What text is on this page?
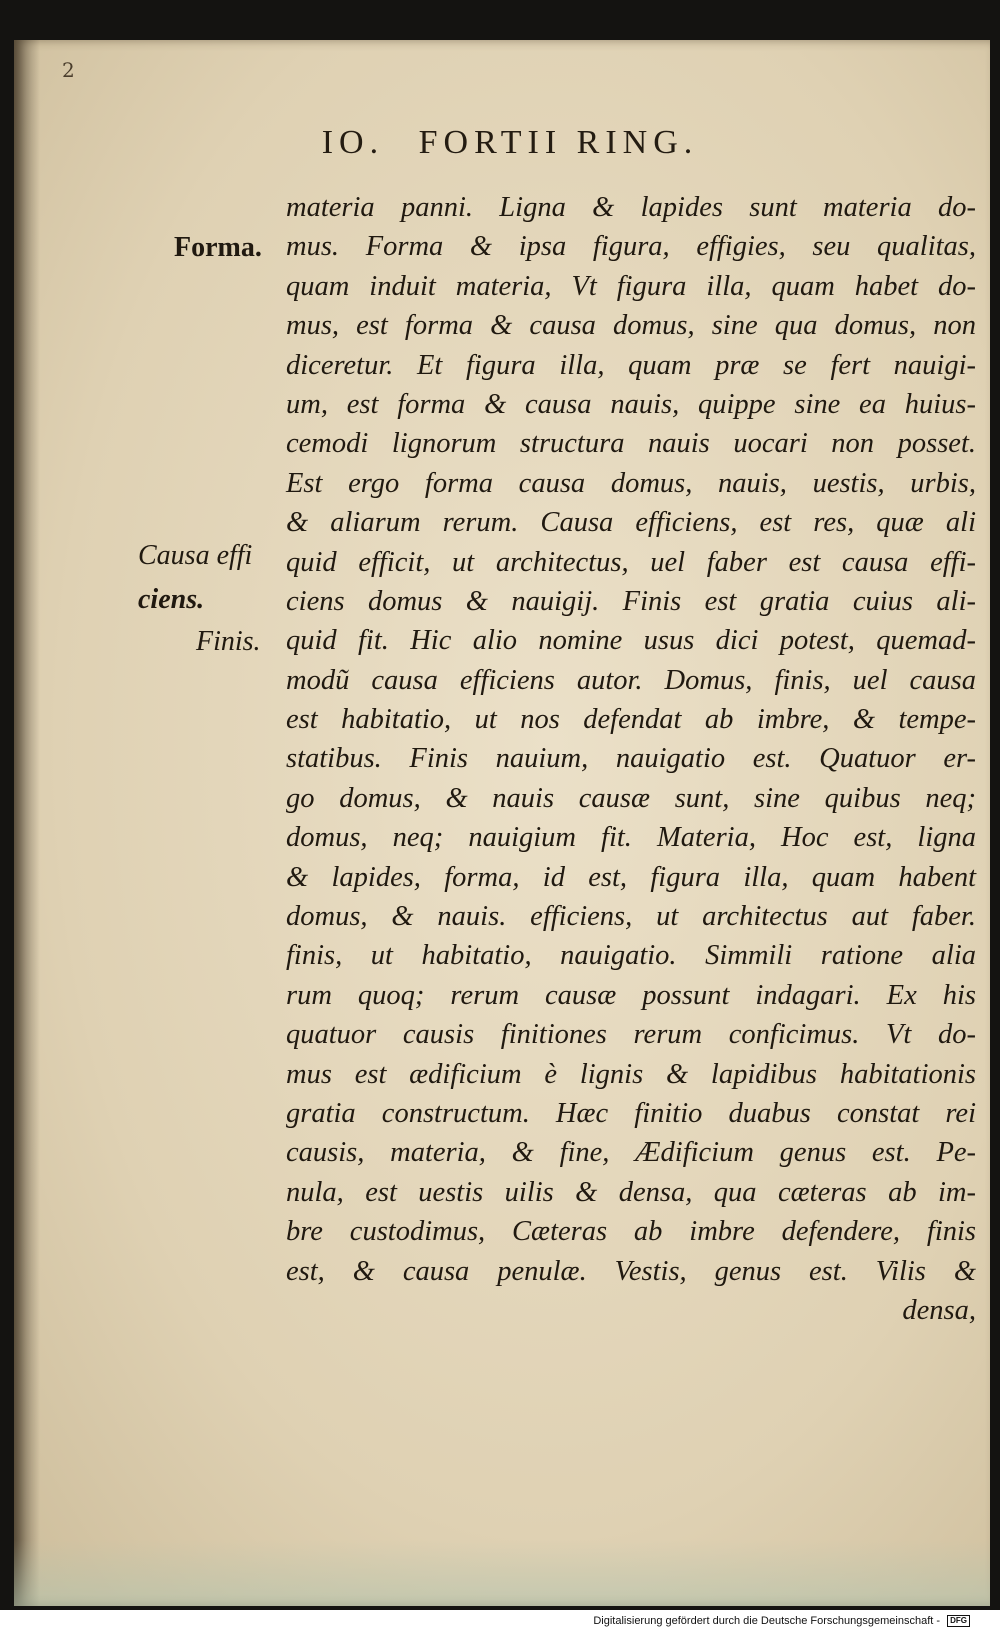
2
IO. FORTII RING.
Forma.
Causa effi
ciens.
Finis.
materia panni. Ligna & lapides sunt materia do-
mus. Forma & ipsa figura, effigies, seu qualitas,
quam induit materia, Vt figura illa, quam habet do-
mus, est forma & causa domus, sine qua domus, non
diceretur. Et figura illa, quam præ se fert nauigi-
um, est forma & causa nauis, quippe sine ea huius-
cemodi lignorum structura nauis uocari non posset.
Est ergo forma causa domus, nauis, uestis, urbis,
& aliarum rerum. Causa efficiens, est res, quæ ali
quid efficit, ut architectus, uel faber est causa effi-
ciens domus & nauigij. Finis est gratia cuius ali-
quid fit. Hic alio nomine usus dici potest, quemad-
modũ causa efficiens autor. Domus, finis, uel causa
est habitatio, ut nos defendat ab imbre, & tempe-
statibus. Finis nauium, nauigatio est. Quatuor er-
go domus, & nauis causæ sunt, sine quibus neq;
domus, neq; nauigium fit. Materia, Hoc est, ligna
& lapides, forma, id est, figura illa, quam habent
domus, & nauis. efficiens, ut architectus aut faber.
finis, ut habitatio, nauigatio. Simmili ratione alia
rum quoq; rerum causæ possunt indagari. Ex his
quatuor causis finitiones rerum conficimus. Vt do-
mus est ædificium è lignis & lapidibus habitationis
gratia constructum. Hæc finitio duabus constat rei
causis, materia, & fine, Ædificium genus est. Pe-
nula, est uestis uilis & densa, qua cæteras ab im-
bre custodimus, Cæteras ab imbre defendere, finis
est, & causa penulæ. Vestis, genus est. Vilis &
densa,
Digitalisierung gefördert durch die Deutsche Forschungsgemeinschaft - DFG
